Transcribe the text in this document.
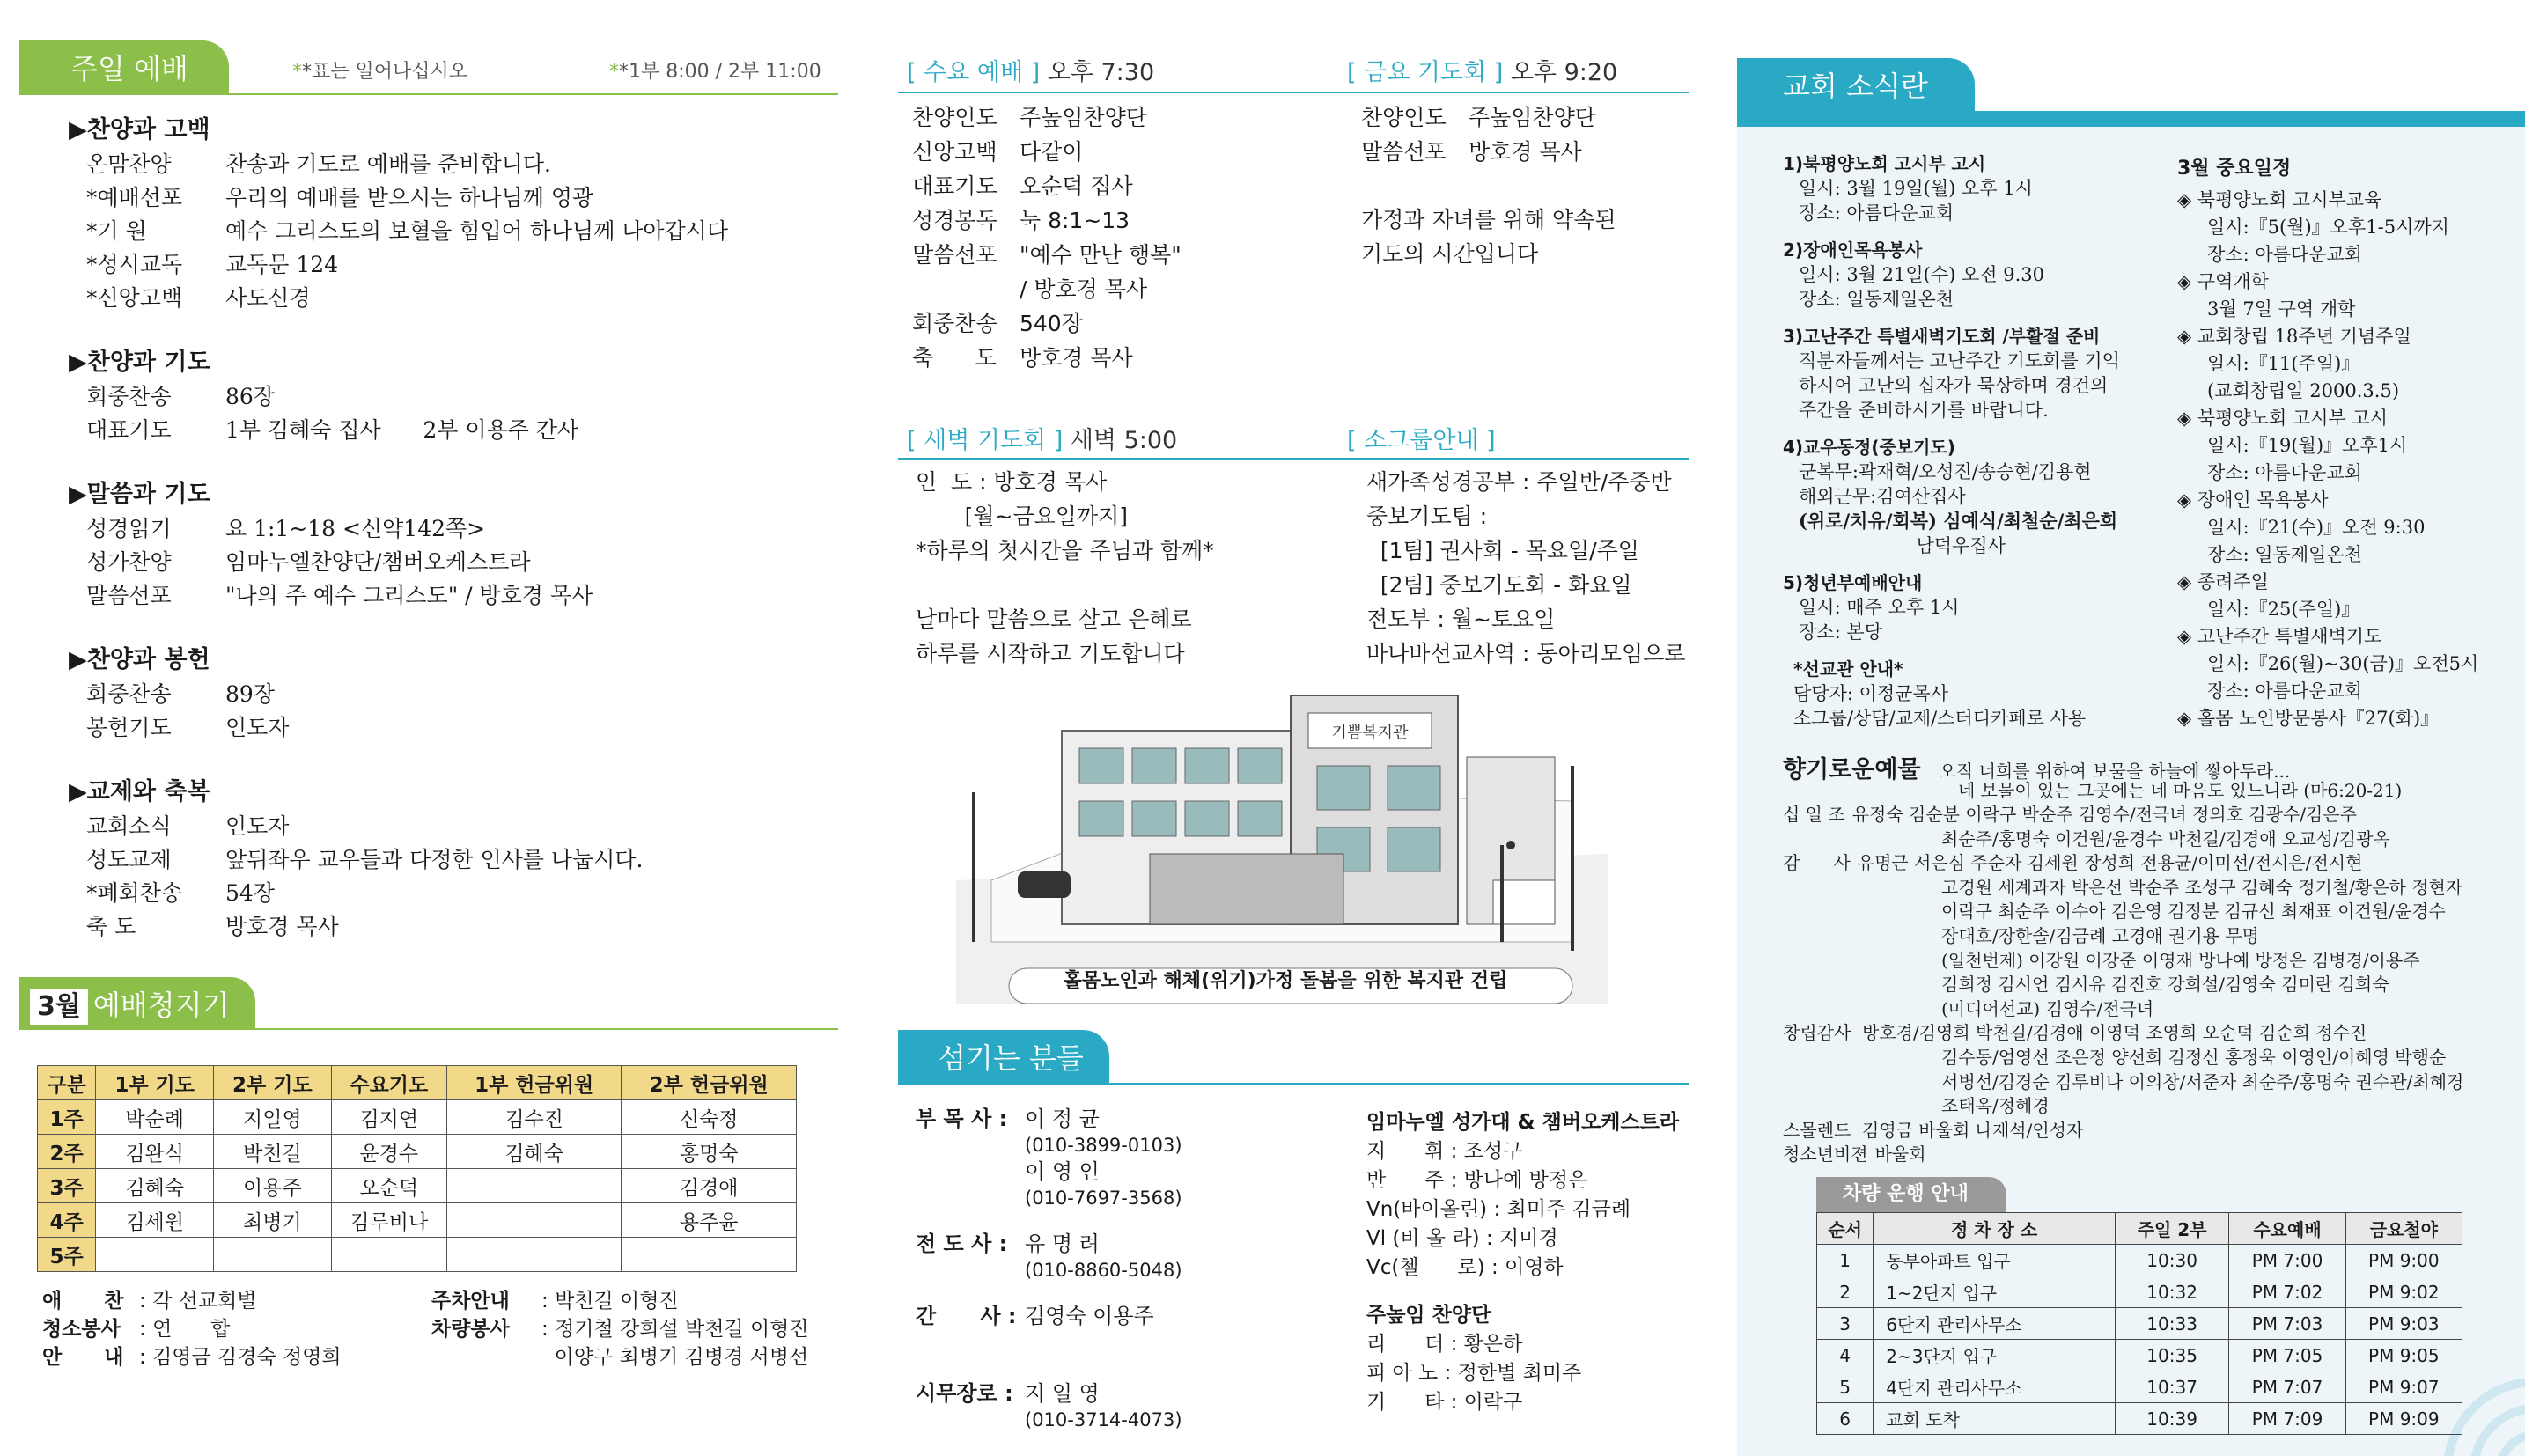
주일 예배	**표는 일어나십시오	**1부 8:00 / 2부 11:00
▶찬양과 고백
온맘찬양	찬송과 기도로 예배를 준비합니다.
*예배선포	우리의 예배를 받으시는 하나님께 영광
*기 원	예수 그리스도의 보혈을 힘입어 하나님께 나아갑시다
*성시교독	교독문 124
*신앙고백	사도신경
▶찬양과 기도
회중찬송	86장
대표기도	1부 김혜숙 집사      2부 이용주 간사
▶말씀과 기도
성경읽기	요 1:1~18 <신약142쪽>
성가찬양	임마누엘찬양단/챔버오케스트라
말씀선포	"나의 주 예수 그리스도" / 방호경 목사
▶찬양과 봉헌
회중찬송	89장
봉헌기도	인도자
▶교제와 축복
교회소식	인도자
성도교제	앞뒤좌우 교우들과 다정한 인사를 나눕시다.
*폐회찬송	54장
축 도	방호경 목사
3월 예배청지기
구분	1부 기도	2부 기도	수요기도	1부 헌금위원	2부 헌금위원
1주	박순례	지일영	김지연	김수진	신숙정
2주	김완식	박천길	윤경수	김혜숙	홍명숙
3주	김혜숙	이용주	오순덕		김경애
4주	김세원	최병기	김루비나		용주윤
5주					
애      찬 : 각 선교회별
청소봉사 : 연      합
안      내 : 김영금 김경숙 정영희
주차안내 : 박천길 이형진
차량봉사 : 정기철 강희설 박천길 이형진
이양구 최병기 김병경 서병선
[ 수요 예배 ] 오후 7:30	[ 금요 기도회 ] 오후 9:20
찬양인도	주높임찬양단
신앙고백	다같이
대표기도	오순덕 집사
성경봉독	눅 8:1~13
말씀선포	"예수 만난 행복"
/ 방호경 목사
회중찬송	540장
축      도	방호경 목사
찬양인도	주높임찬양단
말씀선포	방호경 목사
가정과 자녀를 위해 약속된
기도의 시간입니다
[ 새벽 기도회 ] 새벽 5:00	[ 소그룹안내 ]
인  도 : 방호경 목사
[월~금요일까지]
*하루의 첫시간을 주님과 함께*
날마다 말씀으로 살고 은혜로
하루를 시작하고 기도합니다
새가족성경공부 : 주일반/주중반
중보기도팀 :
[1팀] 권사회 - 목요일/주일
[2팀] 중보기도회 - 화요일
전도부 : 월~토요일
바나바선교사역 : 동아리모임으로
기쁨복지관
홀몸노인과 해체(위기)가정 돌봄을 위한 복지관 건립
섬기는 분들
부 목 사 : 이 정 균
(010-3899-0103)
이 영 인
(010-7697-3568)
전 도 사 : 유 명 려
(010-8860-5048)
간      사 : 김영숙 이용주
시무장로 : 지 일 영
(010-3714-4073)
임마누엘 성가대 & 챔버오케스트라
지      휘 : 조성구
반      주 : 방나예 방정은
Vn(바이올린) : 최미주 김금례
Vl (비 올 라) : 지미경
Vc(첼      로) : 이영하
주높임 찬양단
리      더 : 황은하
피 아 노 : 정한별 최미주
기      타 : 이락구
교회 소식란
1)북평양노회 고시부 고시
일시: 3월 19일(월) 오후 1시
장소: 아름다운교회
2)장애인목욕봉사
일시: 3월 21일(수) 오전 9.30
장소: 일동제일온천
3)고난주간 특별새벽기도회 /부활절 준비
직분자들께서는 고난주간 기도회를 기억
하시어 고난의 십자가 묵상하며 경건의
주간을 준비하시기를 바랍니다.
4)교우동정(중보기도)
군복무:곽재혁/오성진/송승현/김용현
해외근무:김여산집사
(위로/치유/회복) 심예식/최철순/최은희
남덕우집사
5)청년부예배안내
일시: 매주 오후 1시
장소: 본당
*선교관 안내*
담당자: 이정균목사
소그룹/상담/교제/스터디카페로 사용
3월 중요일정
◈ 북평양노회 고시부교육
일시:『5(월)』오후1-5시까지
장소: 아름다운교회
◈ 구역개학
3월 7일 구역 개학
◈ 교회창립 18주년 기념주일
일시:『11(주일)』
(교회창립일 2000.3.5)
◈ 북평양노회 고시부 고시
일시:『19(월)』오후1시
장소: 아름다운교회
◈ 장애인 목욕봉사
일시:『21(수)』오전 9:30
장소: 일동제일온천
◈ 종려주일
일시:『25(주일)』
◈ 고난주간 특별새벽기도
일시:『26(월)~30(금)』오전5시
장소: 아름다운교회
◈ 홀몸 노인방문봉사『27(화)』
향기로운예물 오직 너희를 위하여 보물을 하늘에 쌓아두라...
네 보물이 있는 그곳에는 네 마음도 있느니라 (마6:20-21)
십 일 조 유정숙 김순분 이락구 박순주 김영수/전극녀 정의호 김광수/김은주
최순주/홍명숙 이건원/윤경수 박천길/김경애 오교성/김광옥
감      사 유명근 서은심 주순자 김세원 장성희 전용균/이미선/전시은/전시현
고경원 세계과자 박은선 박순주 조성구 김혜숙 정기철/황은하 정현자
이락구 최순주 이수아 김은영 김정분 김규선 최재표 이건원/윤경수
장대호/장한솔/김금례 고경애 권기용 무명
(일천번제) 이강원 이강준 이영재 방나예 방정은 김병경/이용주
김희정 김시언 김시유 김진호 강희설/김영숙 김미란 김희숙
(미디어선교) 김영수/전극녀
창립감사 방호경/김영희 박천길/김경애 이영덕 조영희 오순덕 김순희 정수진
김수동/엄영선 조은정 양선희 김정신 홍정욱 이영인/이혜영 박행순
서병선/김경순 김루비나 이의창/서준자 최순주/홍명숙 권수관/최혜경
조태옥/정혜경
스몰렌드 김영금 바울회 나재석/인성자
청소년비젼 바울회
차량 운행 안내
순서	정 차 장 소	주일 2부	수요예배	금요철야
1	동부아파트 입구	10:30	PM 7:00	PM 9:00
2	1~2단지 입구	10:32	PM 7:02	PM 9:02
3	6단지 관리사무소	10:33	PM 7:03	PM 9:03
4	2~3단지 입구	10:35	PM 7:05	PM 9:05
5	4단지 관리사무소	10:37	PM 7:07	PM 9:07
6	교회 도착	10:39	PM 7:09	PM 9:09
